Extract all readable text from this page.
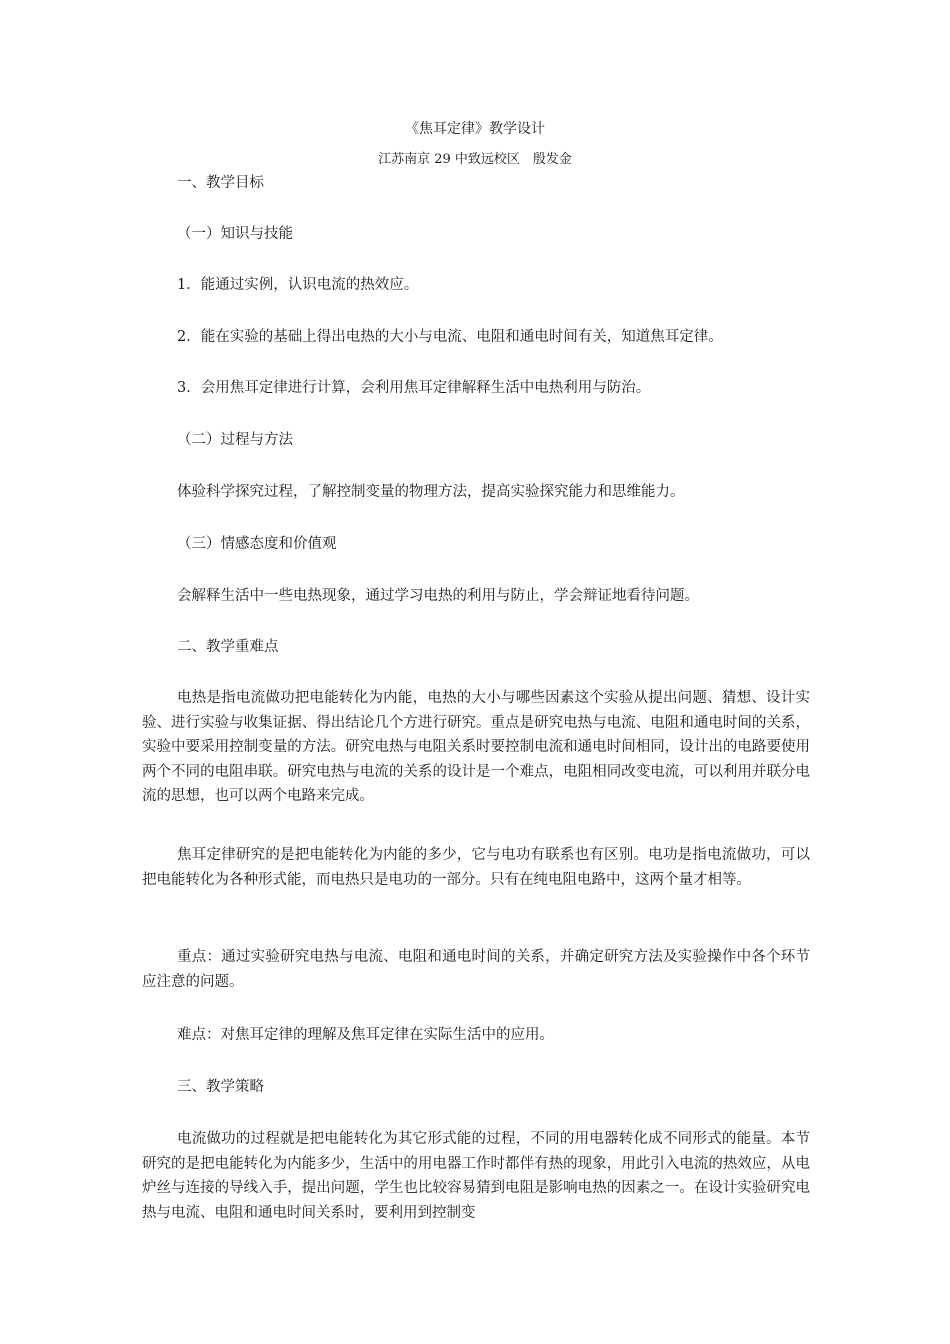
《焦耳定律》教学设计
江苏南京 29 中致远校区　殷发金
一、教学目标
（一）知识与技能
1．能通过实例，认识电流的热效应。
2．能在实验的基础上得出电热的大小与电流、电阻和通电时间有关，知道焦耳定律。
3．会用焦耳定律进行计算，会利用焦耳定律解释生活中电热利用与防治。
（二）过程与方法
体验科学探究过程，了解控制变量的物理方法，提高实验探究能力和思维能力。
（三）情感态度和价值观
会解释生活中一些电热现象，通过学习电热的利用与防止，学会辩证地看待问题。
二、教学重难点
电热是指电流做功把电能转化为内能，电热的大小与哪些因素这个实验从提出问题、猜想、设计实验、进行实验与收集证据、得出结论几个方进行研究。重点是研究电热与电流、电阻和通电时间的关系，实验中要采用控制变量的方法。研究电热与电阻关系时要控制电流和通电时间相同，设计出的电路要使用两个不同的电阻串联。研究电热与电流的关系的设计是一个难点，电阻相同改变电流，可以利用并联分电流的思想，也可以两个电路来完成。
焦耳定律研究的是把电能转化为内能的多少，它与电功有联系也有区别。电功是指电流做功，可以把电能转化为各种形式能，而电热只是电功的一部分。只有在纯电阻电路中，这两个量才相等。
重点：通过实验研究电热与电流、电阻和通电时间的关系，并确定研究方法及实验操作中各个环节应注意的问题。
难点：对焦耳定律的理解及焦耳定律在实际生活中的应用。
三、教学策略
电流做功的过程就是把电能转化为其它形式能的过程，不同的用电器转化成不同形式的能量。本节研究的是把电能转化为内能多少，生活中的用电器工作时都伴有热的现象，用此引入电流的热效应，从电炉丝与连接的导线入手，提出问题，学生也比较容易猜到电阻是影响电热的因素之一。在设计实验研究电热与电流、电阻和通电时间关系时，要利用到控制变
